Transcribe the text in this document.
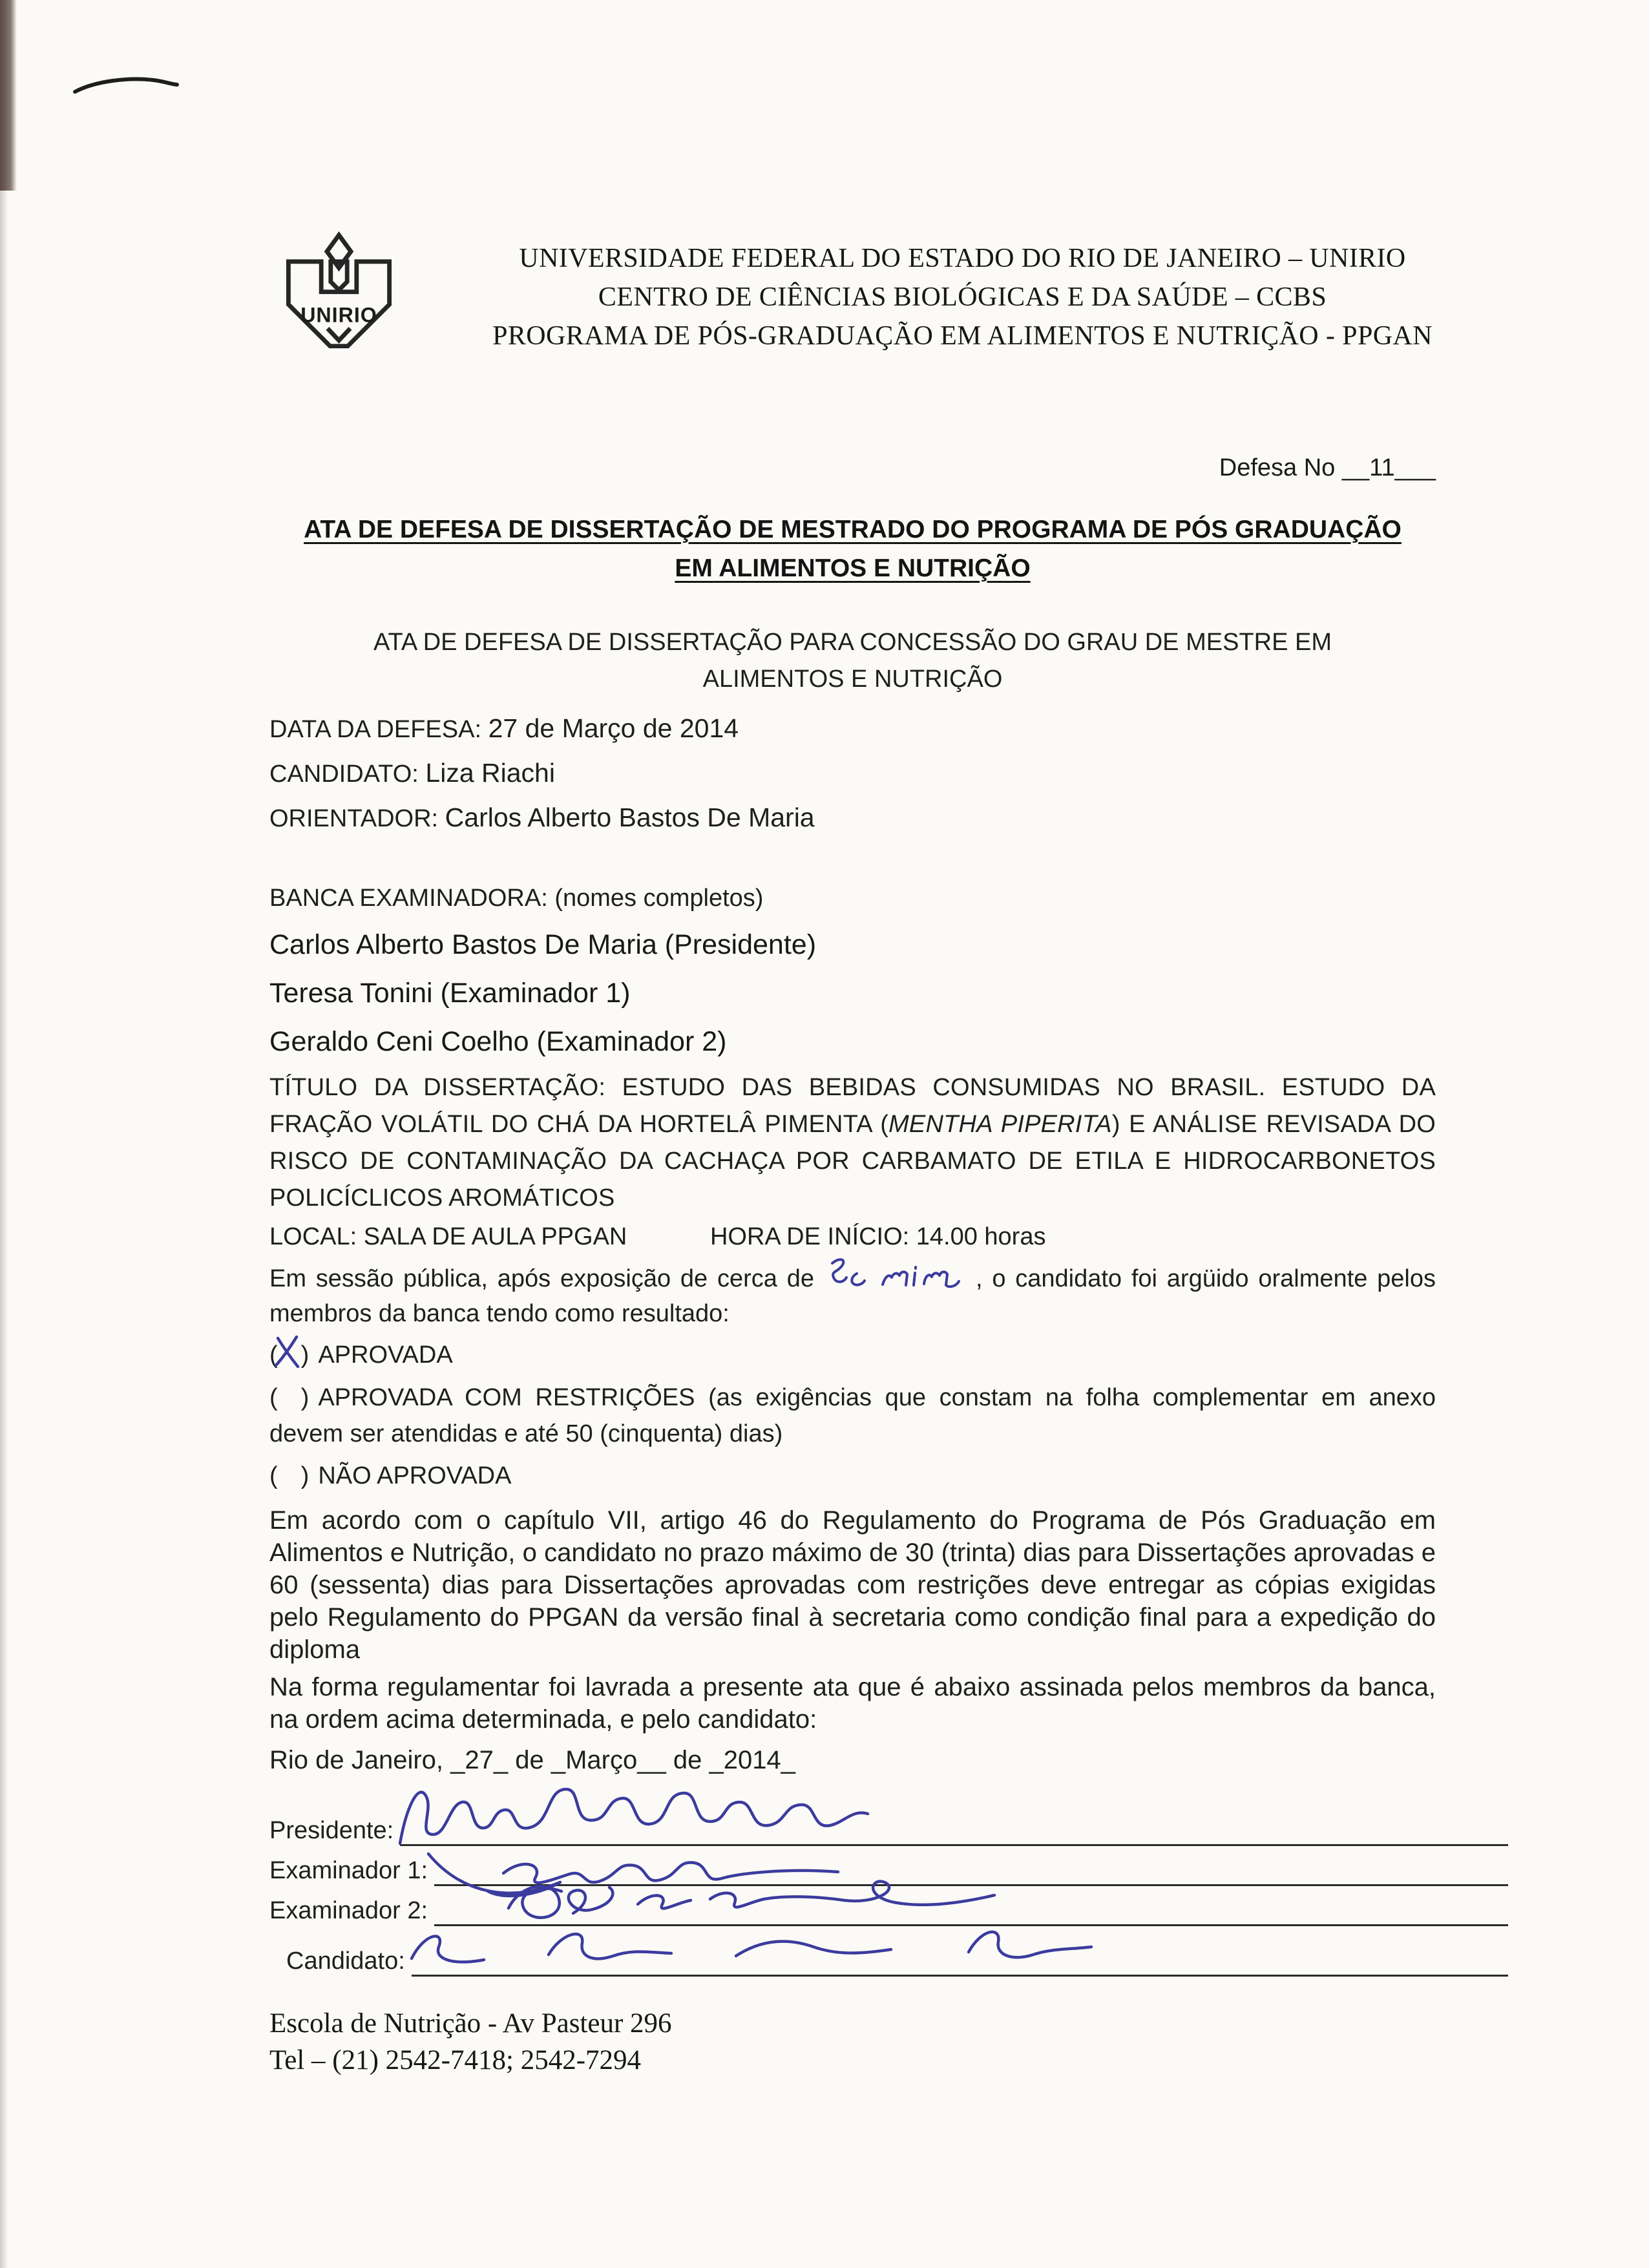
UNIRIO
UNIVERSIDADE FEDERAL DO ESTADO DO RIO DE JANEIRO – UNIRIO
CENTRO DE CIÊNCIAS BIOLÓGICAS E DA SAÚDE – CCBS
PROGRAMA DE PÓS-GRADUAÇÃO EM ALIMENTOS E NUTRIÇÃO - PPGAN
Defesa No __11___
ATA DE DEFESA DE DISSERTAÇÃO DE MESTRADO DO PROGRAMA DE PÓS GRADUAÇÃO
EM ALIMENTOS E NUTRIÇÃO
ATA DE DEFESA DE DISSERTAÇÃO PARA CONCESSÃO DO GRAU DE MESTRE EM
ALIMENTOS E NUTRIÇÃO
DATA DA DEFESA: 27 de Março de 2014
CANDIDATO: Liza Riachi
ORIENTADOR: Carlos Alberto Bastos De Maria
BANCA EXAMINADORA: (nomes completos)
Carlos Alberto Bastos De Maria (Presidente)
Teresa Tonini (Examinador 1)
Geraldo Ceni Coelho (Examinador 2)

TÍTULO DA DISSERTAÇÃO: ESTUDO DAS BEBIDAS CONSUMIDAS NO BRASIL. ESTUDO DA FRAÇÃO VOLÁTIL DO CHÁ DA HORTELÂ PIMENTA (MENTHA PIPERITA) E ANÁLISE REVISADA DO RISCO DE CONTAMINAÇÃO DA CACHAÇA POR CARBAMATO DE ETILA E HIDROCARBONETOS POLICÍCLICOS AROMÁTICOS

LOCAL: SALA DE AULA PPGAN	HORA DE INÍCIO: 14.00 horas

Em sessão pública, após exposição de cerca de	, o candidato foi argüido oralmente pelos membros da banca tendo como resultado:

( ) APROVADA

( ) APROVADA COM RESTRIÇÕES (as exigências que constam na folha complementar em anexo devem ser atendidas e até 50 (cinquenta) dias)

( ) NÃO APROVADA

Em acordo com o capítulo VII, artigo 46 do Regulamento do Programa de Pós Graduação em Alimentos e Nutrição, o candidato no prazo máximo de 30 (trinta) dias para Dissertações aprovadas e 60 (sessenta) dias para Dissertações aprovadas com restrições deve entregar as cópias exigidas pelo Regulamento do PPGAN da versão final à secretaria como condição final para a expedição do diploma

Na forma regulamentar foi lavrada a presente ata que é abaixo assinada pelos membros da banca, na ordem acima determinada, e pelo candidato:

Rio de Janeiro, _27_ de _Março__ de _2014_
Presidente:
Examinador 1:
Examinador 2:
Candidato:
Escola de Nutrição - Av Pasteur 296
Tel – (21) 2542-7418; 2542-7294
